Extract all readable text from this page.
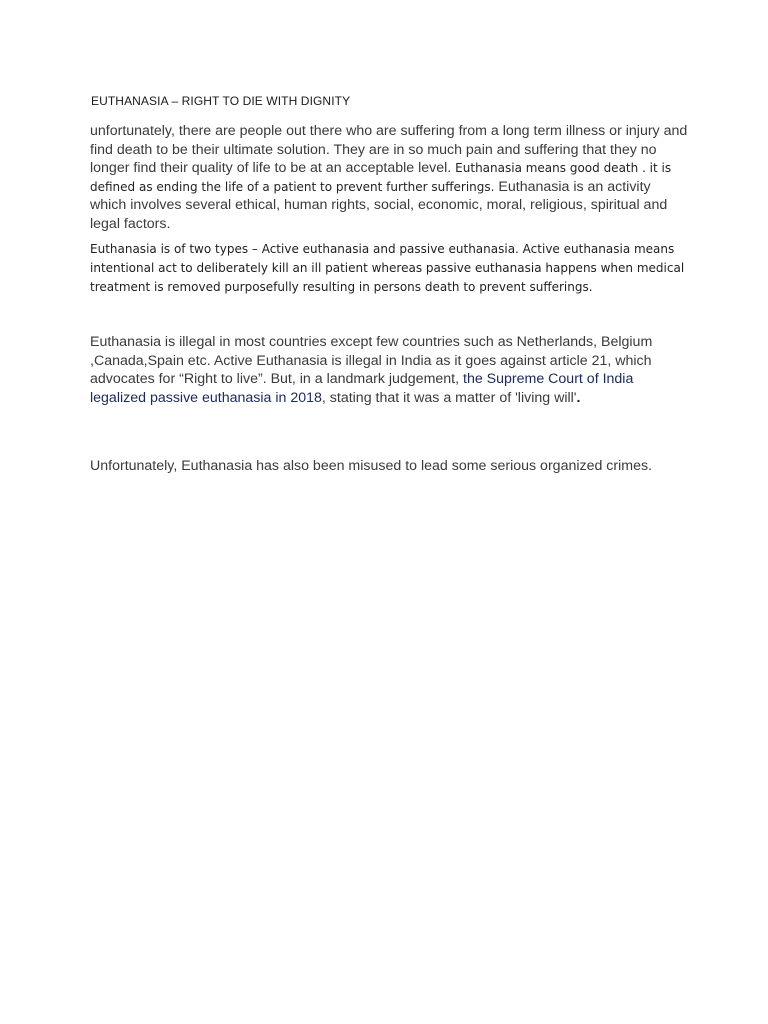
EUTHANASIA – RIGHT TO DIE WITH DIGNITY

unfortunately, there are people out there who are suffering from a long term illness or injury and find death to be their ultimate solution. They are in so much pain and suffering that they no longer find their quality of life to be at an acceptable level. Euthanasia means good death . it is defined as ending the life of a patient to prevent further sufferings. Euthanasia is an activity which involves several ethical, human rights, social, economic, moral, religious, spiritual and legal factors.

Euthanasia is of two types – Active euthanasia and passive euthanasia. Active euthanasia means intentional act to deliberately kill an ill patient whereas passive euthanasia happens when medical treatment is removed purposefully resulting in persons death to prevent sufferings.

Euthanasia is illegal in most countries except few countries such as Netherlands, Belgium ,Canada,Spain etc. Active Euthanasia is illegal in India as it goes against article 21, which advocates for “Right to live”. But, in a landmark judgement, the Supreme Court of India legalized passive euthanasia in 2018, stating that it was a matter of 'living will'.

Unfortunately, Euthanasia has also been misused to lead some serious organized crimes.
